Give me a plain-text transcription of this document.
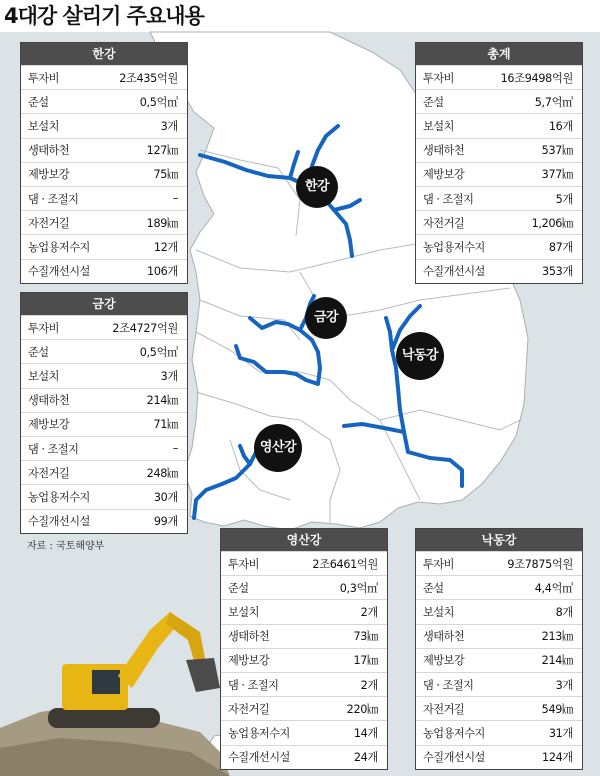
4대강 살리기 주요내용
한강
금강
낙동강
영산강
한강
투자비	2조435억원
준설	0,5억㎥
보설치	3개
생태하천	127㎞
제방보강	75㎞
댐 · 조절지	–
자전거길	189㎞
농업용저수지	12개
수질개선시설	106개
총계
투자비	16조9498억원
준설	5,7억㎥
보설치	16개
생태하천	537㎞
제방보강	377㎞
댐 · 조절지	5개
자전거길	1,206㎞
농업용저수지	87개
수질개선시설	353개
금강
투자비	2조4727억원
준설	0,5억㎥
보설치	3개
생태하천	214㎞
제방보강	71㎞
댐 · 조절지	–
자전거길	248㎞
농업용저수지	30개
수질개선시설	99개
영산강
투자비	2조6461억원
준설	0,3억㎥
보설치	2개
생태하천	73㎞
제방보강	17㎞
댐 · 조절지	2개
자전거길	220㎞
농업용저수지	14개
수질개선시설	24개
낙동강
투자비	9조7875억원
준설	4,4억㎥
보설치	8개
생태하천	213㎞
제방보강	214㎞
댐 · 조절지	3개
자전거길	549㎞
농업용저수지	31개
수질개선시설	124개
자료 : 국토해양부
